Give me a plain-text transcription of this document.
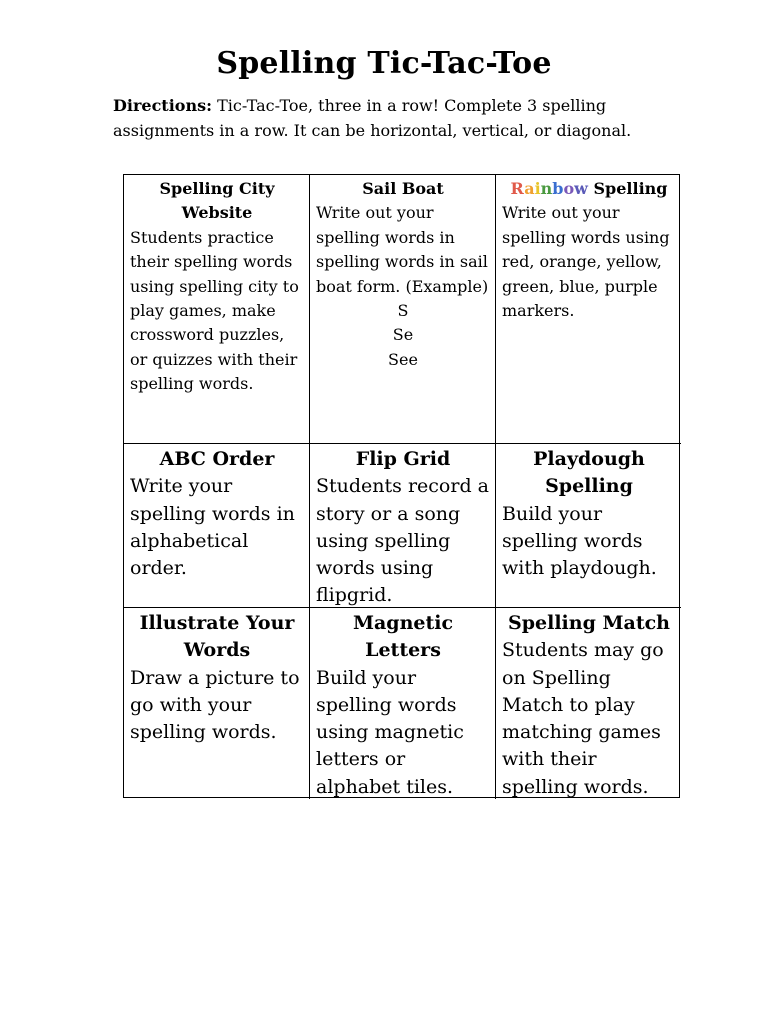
Spelling Tic-Tac-Toe
Directions: Tic-Tac-Toe, three in a row! Complete 3 spelling assignments in a row. It can be horizontal, vertical, or diagonal.
Spelling City Website
Students practice their spelling words using spelling city to play games, make crossword puzzles, or quizzes with their spelling words.
Sail Boat
Write out your spelling words in spelling words in sail boat form. (Example)
S
Se
See
Rainbow Spelling
Write out your spelling words using red, orange, yellow, green, blue, purple markers.
ABC Order
Write your spelling words in alphabetical order.
Flip Grid
Students record a story or a song using spelling words using flipgrid.
Playdough Spelling
Build your spelling words with playdough.
Illustrate Your Words
Draw a picture to go with your spelling words.
Magnetic Letters
Build your spelling words using magnetic letters or alphabet tiles.
Spelling Match
Students may go on Spelling Match to play matching games with their spelling words.
